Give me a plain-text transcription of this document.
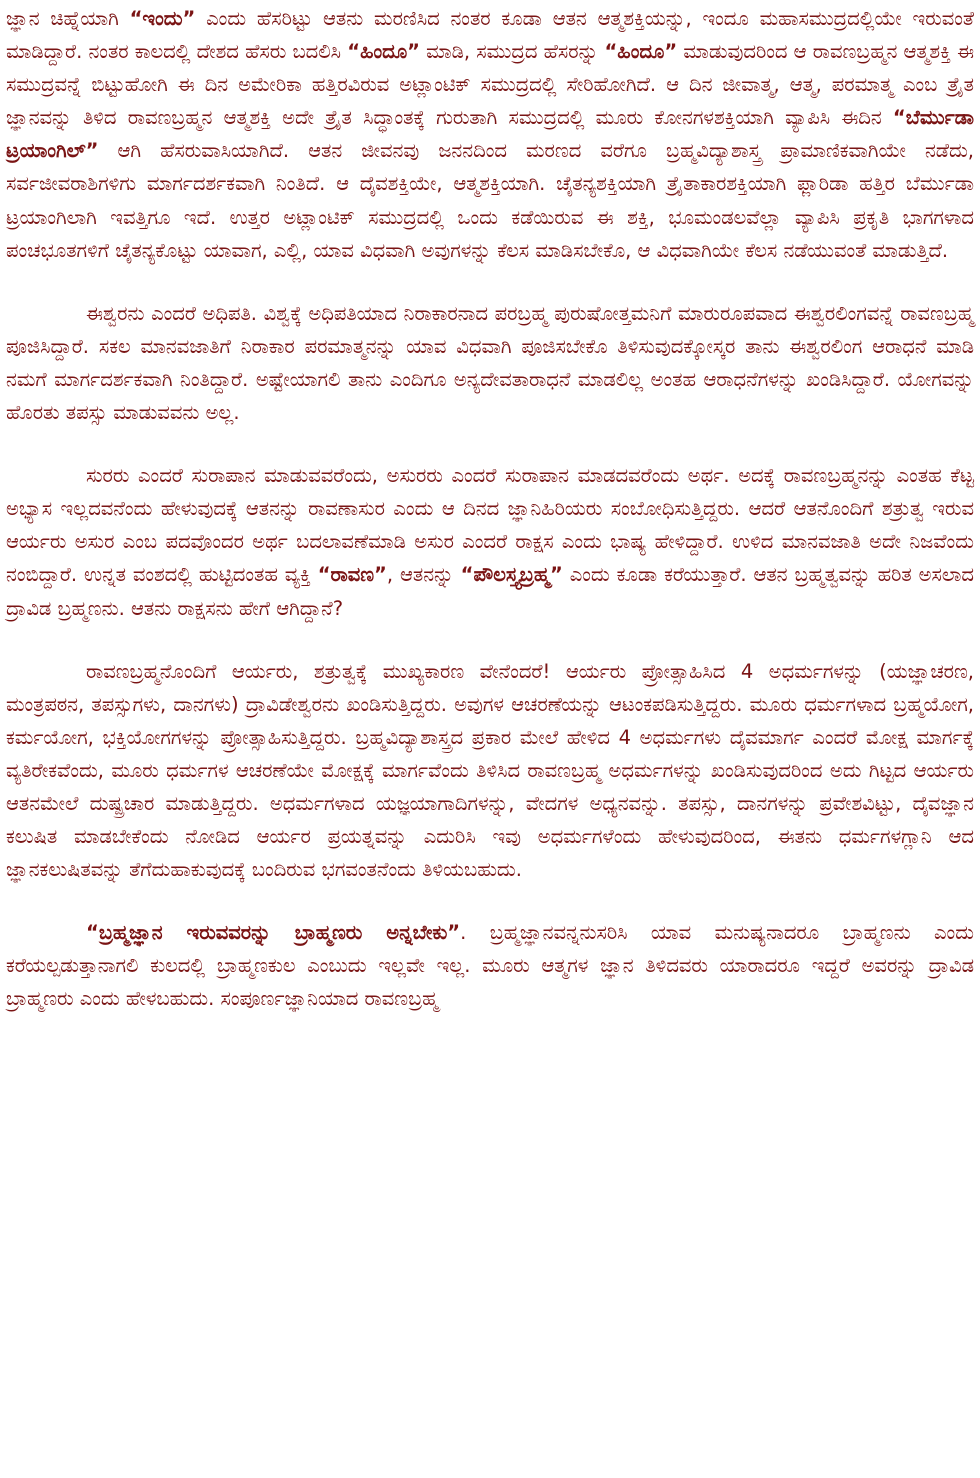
ಜ್ಞಾನ ಚಿಹ್ನೆಯಾಗಿ “ಇಂದು” ಎಂದು ಹೆಸರಿಟ್ಟು ಆತನು ಮರಣಿಸಿದ ನಂತರ ಕೂಡಾ ಆತನ ಆತ್ಮಶಕ್ತಿಯನ್ನು, ಇಂದೂ ಮಹಾಸಮುದ್ರದಲ್ಲಿಯೇ ಇರುವಂತೆ ಮಾಡಿದ್ದಾರೆ. ನಂತರ ಕಾಲದಲ್ಲಿ ದೇಶದ ಹೆಸರು ಬದಲಿಸಿ “ಹಿಂದೂ” ಮಾಡಿ, ಸಮುದ್ರದ ಹೆಸರನ್ನು “ಹಿಂದೂ” ಮಾಡುವುದರಿಂದ ಆ ರಾವಣಬ್ರಹ್ಮನ ಆತ್ಮಶಕ್ತಿ ಈ ಸಮುದ್ರವನ್ನೆ ಬಿಟ್ಟುಹೋಗಿ ಈ ದಿನ ಅಮೇರಿಕಾ ಹತ್ತಿರವಿರುವ ಅಟ್ಲಾಂಟಿಕ್ ಸಮುದ್ರದಲ್ಲಿ ಸೇರಿಹೋಗಿದೆ. ಆ ದಿನ ಜೀವಾತ್ಮ, ಆತ್ಮ, ಪರಮಾತ್ಮ ಎಂಬ ತ್ರೈತ ಜ್ಞಾನವನ್ನು ತಿಳಿದ ರಾವಣಬ್ರಹ್ಮನ ಆತ್ಮಶಕ್ತಿ ಅದೇ ತ್ರೈತ ಸಿದ್ಧಾಂತಕ್ಕೆ ಗುರುತಾಗಿ ಸಮುದ್ರದಲ್ಲಿ ಮೂರು ಕೋನಗಳಶಕ್ತಿಯಾಗಿ ವ್ಯಾಪಿಸಿ ಈದಿನ “ಬೆರ್ಮುಡಾ ಟ್ರಯಾಂಗಿಲ್” ಆಗಿ ಹೆಸರುವಾಸಿಯಾಗಿದೆ. ಆತನ ಜೀವನವು ಜನನದಿಂದ ಮರಣದ ವರೆಗೂ ಬ್ರಹ್ಮವಿದ್ಯಾಶಾಸ್ತ್ರ ಪ್ರಾಮಾಣಿಕವಾಗಿಯೇ ನಡೆದು, ಸರ್ವಜೀವರಾಶಿಗಳಿಗು ಮಾರ್ಗದರ್ಶಕವಾಗಿ ನಿಂತಿದೆ. ಆ ದೈವಶಕ್ತಿಯೇ, ಆತ್ಮಶಕ್ತಿಯಾಗಿ. ಚೈತನ್ಯಶಕ್ತಿಯಾಗಿ ತ್ರೈತಾಕಾರಶಕ್ತಿಯಾಗಿ ಫ್ಲಾರಿಡಾ ಹತ್ತಿರ ಬೆರ್ಮುಡಾ ಟ್ರಯಾಂಗಿಲಾಗಿ ಇವತ್ತಿಗೂ ಇದೆ. ಉತ್ತರ ಅಟ್ಲಾಂಟಿಕ್ ಸಮುದ್ರದಲ್ಲಿ ಒಂದು ಕಡೆಯಿರುವ ಈ ಶಕ್ತಿ, ಭೂಮಂಡಲವೆಲ್ಲಾ ವ್ಯಾಪಿಸಿ ಪ್ರಕೃತಿ ಭಾಗಗಳಾದ ಪಂಚಭೂತಗಳಿಗೆ ಚೈತನ್ಯಕೊಟ್ಟು ಯಾವಾಗ, ಎಲ್ಲಿ, ಯಾವ ವಿಧವಾಗಿ ಅವುಗಳನ್ನು ಕೆಲಸ ಮಾಡಿಸಬೇಕೊ, ಆ ವಿಧವಾಗಿಯೇ ಕೆಲಸ ನಡೆಯುವಂತೆ ಮಾಡುತ್ತಿದೆ.

ಈಶ್ವರನು ಎಂದರೆ ಅಧಿಪತಿ. ವಿಶ್ವಕ್ಕೆ ಅಧಿಪತಿಯಾದ ನಿರಾಕಾರನಾದ ಪರಬ್ರಹ್ಮ ಪುರುಷೋತ್ತಮನಿಗೆ ಮಾರುರೂಪವಾದ ಈಶ್ವರಲಿಂಗವನ್ನೆ ರಾವಣಬ್ರಹ್ಮ ಪೂಜಿಸಿದ್ದಾರೆ. ಸಕಲ ಮಾನವಜಾತಿಗೆ ನಿರಾಕಾರ ಪರಮಾತ್ಮನನ್ನು ಯಾವ ವಿಧವಾಗಿ ಪೂಜಿಸಬೇಕೊ ತಿಳಿಸುವುದಕ್ಕೋಸ್ಕರ ತಾನು ಈಶ್ವರಲಿಂಗ ಆರಾಧನೆ ಮಾಡಿ ನಮಗೆ ಮಾರ್ಗದರ್ಶಕವಾಗಿ ನಿಂತಿದ್ದಾರೆ. ಅಷ್ಟೇಯಾಗಲಿ ತಾನು ಎಂದಿಗೂ ಅನ್ಯದೇವತಾರಾಧನೆ ಮಾಡಲಿಲ್ಲ ಅಂತಹ ಆರಾಧನೆಗಳನ್ನು ಖಂಡಿಸಿದ್ದಾರೆ. ಯೋಗವನ್ನು ಹೊರತು ತಪಸ್ಸು ಮಾಡುವವನು ಅಲ್ಲ.

ಸುರರು ಎಂದರೆ ಸುರಾಪಾನ ಮಾಡುವವರೆಂದು, ಅಸುರರು ಎಂದರೆ ಸುರಾಪಾನ ಮಾಡದವರೆಂದು ಅರ್ಥ. ಅದಕ್ಕೆ ರಾವಣಬ್ರಹ್ಮನನ್ನು ಎಂತಹ ಕೆಟ್ಟ ಅಭ್ಯಾಸ ಇಲ್ಲದವನೆಂದು ಹೇಳುವುದಕ್ಕೆ ಆತನನ್ನು ರಾವಣಾಸುರ ಎಂದು ಆ ದಿನದ ಜ್ಞಾನಿಹಿರಿಯರು ಸಂಬೋಧಿಸುತ್ತಿದ್ದರು. ಆದರೆ ಆತನೊಂದಿಗೆ ಶತ್ರುತ್ವ ಇರುವ ಆರ್ಯರು ಅಸುರ ಎಂಬ ಪದವೊಂದರ ಅರ್ಥ ಬದಲಾವಣೆಮಾಡಿ ಅಸುರ ಎಂದರೆ ರಾಕ್ಷಸ ಎಂದು ಭಾಷ್ಯ ಹೇಳಿದ್ದಾರೆ. ಉಳಿದ ಮಾನವಜಾತಿ ಅದೇ ನಿಜವೆಂದು ನಂಬಿದ್ದಾರೆ. ಉನ್ನತ ವಂಶದಲ್ಲಿ ಹುಟ್ಟಿದಂತಹ ವ್ಯಕ್ತಿ “ರಾವಣ”, ಆತನನ್ನು “ಪೌಲಸ್ತ್ಯಬ್ರಹ್ಮ” ಎಂದು ಕೂಡಾ ಕರೆಯುತ್ತಾರೆ. ಆತನ ಬ್ರಹ್ಮತ್ವವನ್ನು ಹರಿತ ಅಸಲಾದ ದ್ರಾವಿಡ ಬ್ರಹ್ಮಣನು. ಆತನು ರಾಕ್ಷಸನು ಹೇಗೆ ಆಗಿದ್ದಾನೆ?

ರಾವಣಬ್ರಹ್ಮನೊಂದಿಗೆ ಆರ್ಯರು, ಶತ್ರುತ್ವಕ್ಕೆ ಮುಖ್ಯಕಾರಣ ವೇನೆಂದರೆ! ಆರ್ಯರು ಪ್ರೋತ್ಸಾಹಿಸಿದ 4 ಅಧರ್ಮಗಳನ್ನು (ಯಜ್ಞಾಚರಣ, ಮಂತ್ರಪಠನ, ತಪಸ್ಸುಗಳು, ದಾನಗಳು) ದ್ರಾವಿಡೇಶ್ವರನು ಖಂಡಿಸುತ್ತಿದ್ದರು. ಅವುಗಳ ಆಚರಣೆಯನ್ನು ಆಟಂಕಪಡಿಸುತ್ತಿದ್ದರು. ಮೂರು ಧರ್ಮಗಳಾದ ಬ್ರಹ್ಮಯೋಗ, ಕರ್ಮಯೋಗ, ಭಕ್ತಿಯೋಗಗಳನ್ನು ಪ್ರೋತ್ಸಾಹಿಸುತ್ತಿದ್ದರು. ಬ್ರಹ್ಮವಿದ್ಯಾಶಾಸ್ತ್ರದ ಪ್ರಕಾರ ಮೇಲೆ ಹೇಳಿದ 4 ಅಧರ್ಮಗಳು ದೈವಮಾರ್ಗ ಎಂದರೆ ಮೋಕ್ಷ ಮಾರ್ಗಕ್ಕೆ ವ್ಯತಿರೇಕವೆಂದು, ಮೂರು ಧರ್ಮಗಳ ಆಚರಣೆಯೇ ಮೋಕ್ಷಕ್ಕೆ ಮಾರ್ಗವೆಂದು ತಿಳಿಸಿದ ರಾವಣಬ್ರಹ್ಮ ಅಧರ್ಮಗಳನ್ನು ಖಂಡಿಸುವುದರಿಂದ ಅದು ಗಿಟ್ಟದ ಆರ್ಯರು ಆತನಮೇಲೆ ದುಷ್ಪ್ರಚಾರ ಮಾಡುತ್ತಿದ್ದರು. ಅಧರ್ಮಗಳಾದ ಯಜ್ಞಯಾಗಾದಿಗಳನ್ನು, ವೇದಗಳ ಅಧ್ಯನವನ್ನು. ತಪಸ್ಸು, ದಾನಗಳನ್ನು ಪ್ರವೇಶವಿಟ್ಟು, ದೈವಜ್ಞಾನ ಕಲುಷಿತ ಮಾಡಬೇಕೆಂದು ನೋಡಿದ ಆರ್ಯರ ಪ್ರಯತ್ನವನ್ನು ಎದುರಿಸಿ ಇವು ಅಧರ್ಮಗಳೆಂದು ಹೇಳುವುದರಿಂದ, ಈತನು ಧರ್ಮಗಳಗ್ಲಾನಿ ಆದ ಜ್ಞಾನಕಲುಷಿತವನ್ನು ತೆಗೆದುಹಾಕುವುದಕ್ಕೆ ಬಂದಿರುವ ಭಗವಂತನೆಂದು ತಿಳಿಯಬಹುದು.

“ಬ್ರಹ್ಮಜ್ಞಾನ ಇರುವವರನ್ನು ಬ್ರಾಹ್ಮಣರು ಅನ್ನಬೇಕು”. ಬ್ರಹ್ಮಜ್ಞಾನವನ್ನನುಸರಿಸಿ ಯಾವ ಮನುಷ್ಯನಾದರೂ ಬ್ರಾಹ್ಮಣನು ಎಂದು ಕರೆಯಲ್ಪಡುತ್ತಾನಾಗಲಿ ಕುಲದಲ್ಲಿ ಬ್ರಾಹ್ಮಣಕುಲ ಎಂಬುದು ಇಲ್ಲವೇ ಇಲ್ಲ. ಮೂರು ಆತ್ಮಗಳ ಜ್ಞಾನ ತಿಳಿದವರು ಯಾರಾದರೂ ಇದ್ದರೆ ಅವರನ್ನು ದ್ರಾವಿಡ ಬ್ರಾಹ್ಮಣರು ಎಂದು ಹೇಳಬಹುದು. ಸಂಪೂರ್ಣಜ್ಞಾನಿಯಾದ ರಾವಣಬ್ರಹ್ಮ
